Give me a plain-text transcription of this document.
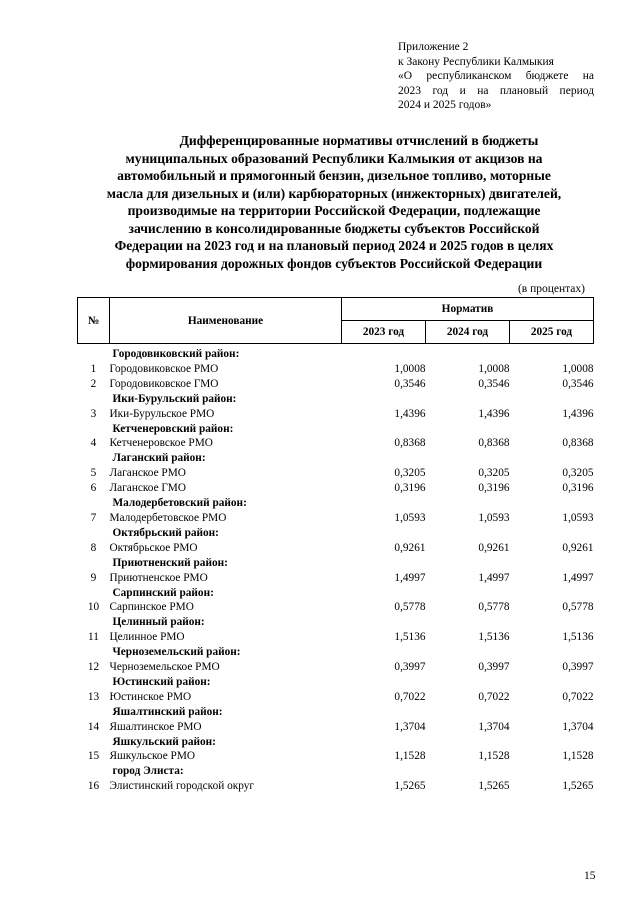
Приложение 2
к Закону Республики Калмыкия
«О республиканском бюджете на
2023 год и на плановый период
2024 и 2025 годов»
Дифференцированные нормативы отчислений в бюджеты
муниципальных образований Республики Калмыкия от акцизов на
автомобильный и прямогонный бензин, дизельное топливо, моторные
масла для дизельных и (или) карбюраторных (инжекторных) двигателей,
производимые на территории Российской Федерации, подлежащие
зачислению в консолидированные бюджеты субъектов Российской
Федерации на 2023 год и на плановый период 2024 и 2025 годов в целях
формирования дорожных фондов субъектов Российской Федерации
(в процентах)
№	Наименование	Норматив		
		2023 год	2024 год	2025 год

	Городовиковский район:			
1	Городовиковское РМО	1,0008	1,0008	1,0008
2	Городовиковское ГМО	0,3546	0,3546	0,3546
	Ики-Бурульский район:			
3	Ики-Бурульское РМО	1,4396	1,4396	1,4396
	Кетченеровский район:			
4	Кетченеровское РМО	0,8368	0,8368	0,8368
	Лаганский район:			
5	Лаганское РМО	0,3205	0,3205	0,3205
6	Лаганское ГМО	0,3196	0,3196	0,3196
	Малодербетовский район:			
7	Малодербетовское РМО	1,0593	1,0593	1,0593
	Октябрьский район:			
8	Октябрьское РМО	0,9261	0,9261	0,9261
	Приютненский район:			
9	Приютненское РМО	1,4997	1,4997	1,4997
	Сарпинский район:			
10	Сарпинское РМО	0,5778	0,5778	0,5778
	Целинный район:			
11	Целинное РМО	1,5136	1,5136	1,5136
	Черноземельский район:			
12	Черноземельское РМО	0,3997	0,3997	0,3997
	Юстинский район:			
13	Юстинское РМО	0,7022	0,7022	0,7022
	Яшалтинский район:			
14	Яшалтинское РМО	1,3704	1,3704	1,3704
	Яшкульский район:			
15	Яшкульское РМО	1,1528	1,1528	1,1528
	город Элиста:			
16	Элистинский городской округ	1,5265	1,5265	1,5265
15
